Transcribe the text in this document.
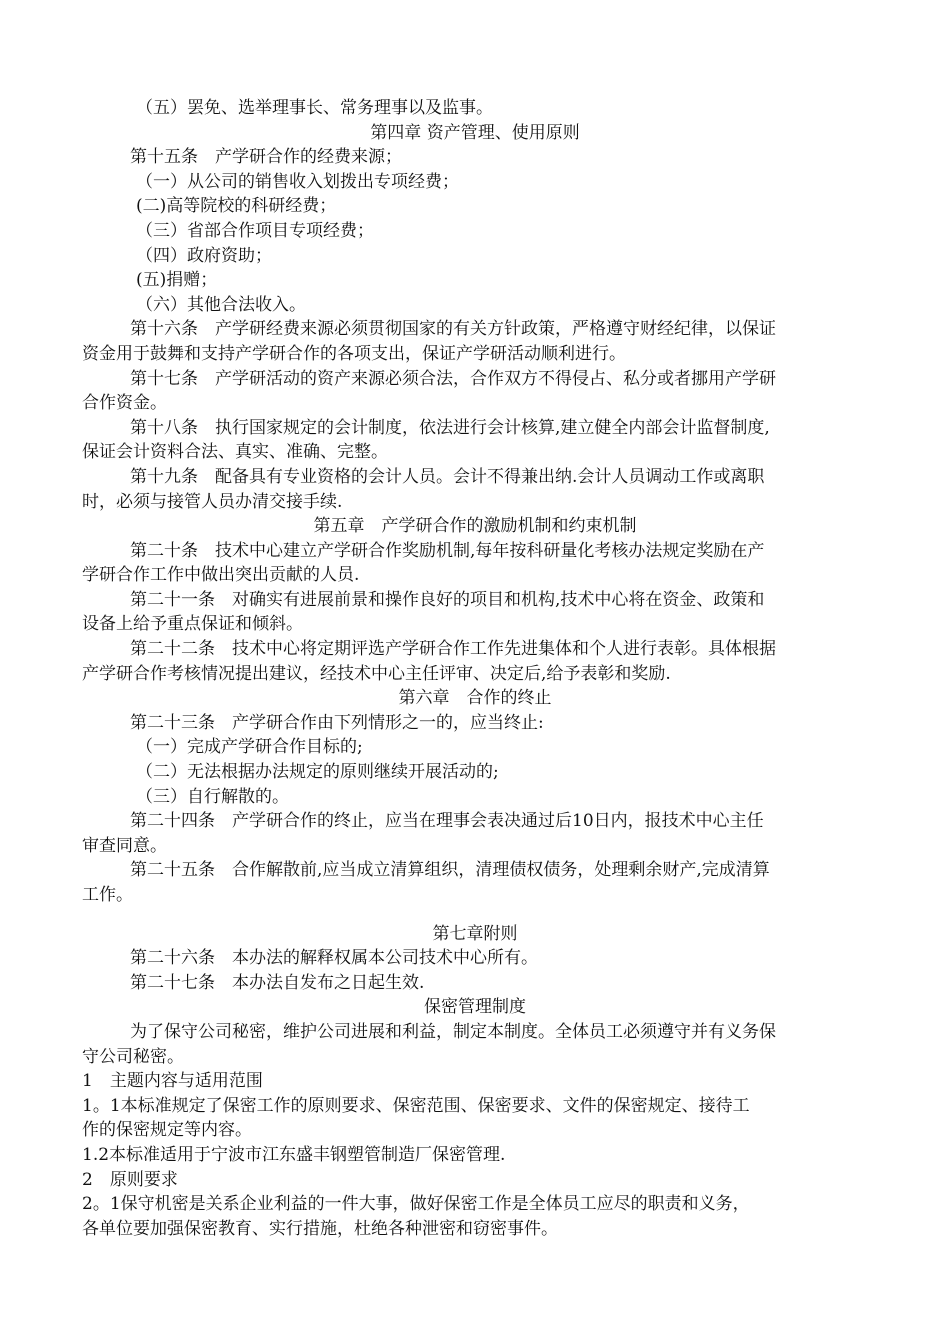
（五）罢免、选举理事长、常务理事以及监事。
第四章 资产管理、使用原则
第十五条　产学研合作的经费来源；
（一）从公司的销售收入划拨出专项经费；
(二)高等院校的科研经费；
（三）省部合作项目专项经费；
（四）政府资助；
(五)捐赠；
（六）其他合法收入。
第十六条　产学研经费来源必须贯彻国家的有关方针政策，严格遵守财经纪律，以保证
资金用于鼓舞和支持产学研合作的各项支出，保证产学研活动顺利进行。
第十七条　产学研活动的资产来源必须合法，合作双方不得侵占、私分或者挪用产学研
合作资金。
第十八条　执行国家规定的会计制度，依法进行会计核算,建立健全内部会计监督制度,
保证会计资料合法、真实、准确、完整。
第十九条　配备具有专业资格的会计人员。会计不得兼出纳.会计人员调动工作或离职
时，必须与接管人员办清交接手续.
第五章　产学研合作的激励机制和约束机制
第二十条　技术中心建立产学研合作奖励机制,每年按科研量化考核办法规定奖励在产
学研合作工作中做出突出贡献的人员.
第二十一条　对确实有进展前景和操作良好的项目和机构,技术中心将在资金、政策和
设备上给予重点保证和倾斜。
第二十二条　技术中心将定期评选产学研合作工作先进集体和个人进行表彰。具体根据
产学研合作考核情况提出建议，经技术中心主任评审、决定后,给予表彰和奖励.
第六章　合作的终止
第二十三条　产学研合作由下列情形之一的，应当终止:
（一）完成产学研合作目标的;
（二）无法根据办法规定的原则继续开展活动的;
（三）自行解散的。
第二十四条　产学研合作的终止，应当在理事会表决通过后10日内，报技术中心主任
审查同意。
第二十五条　合作解散前,应当成立清算组织，清理债权债务，处理剩余财产,完成清算
工作。
第七章附则
第二十六条　本办法的解释权属本公司技术中心所有。
第二十七条　本办法自发布之日起生效.
保密管理制度
为了保守公司秘密，维护公司进展和利益，制定本制度。全体员工必须遵守并有义务保
守公司秘密。
1　主题内容与适用范围
1。1本标准规定了保密工作的原则要求、保密范围、保密要求、文件的保密规定、接待工
作的保密规定等内容。
1.2本标准适用于宁波市江东盛丰钢塑管制造厂保密管理.
2　原则要求
2。1保守机密是关系企业利益的一件大事，做好保密工作是全体员工应尽的职责和义务，
各单位要加强保密教育、实行措施，杜绝各种泄密和窃密事件。
